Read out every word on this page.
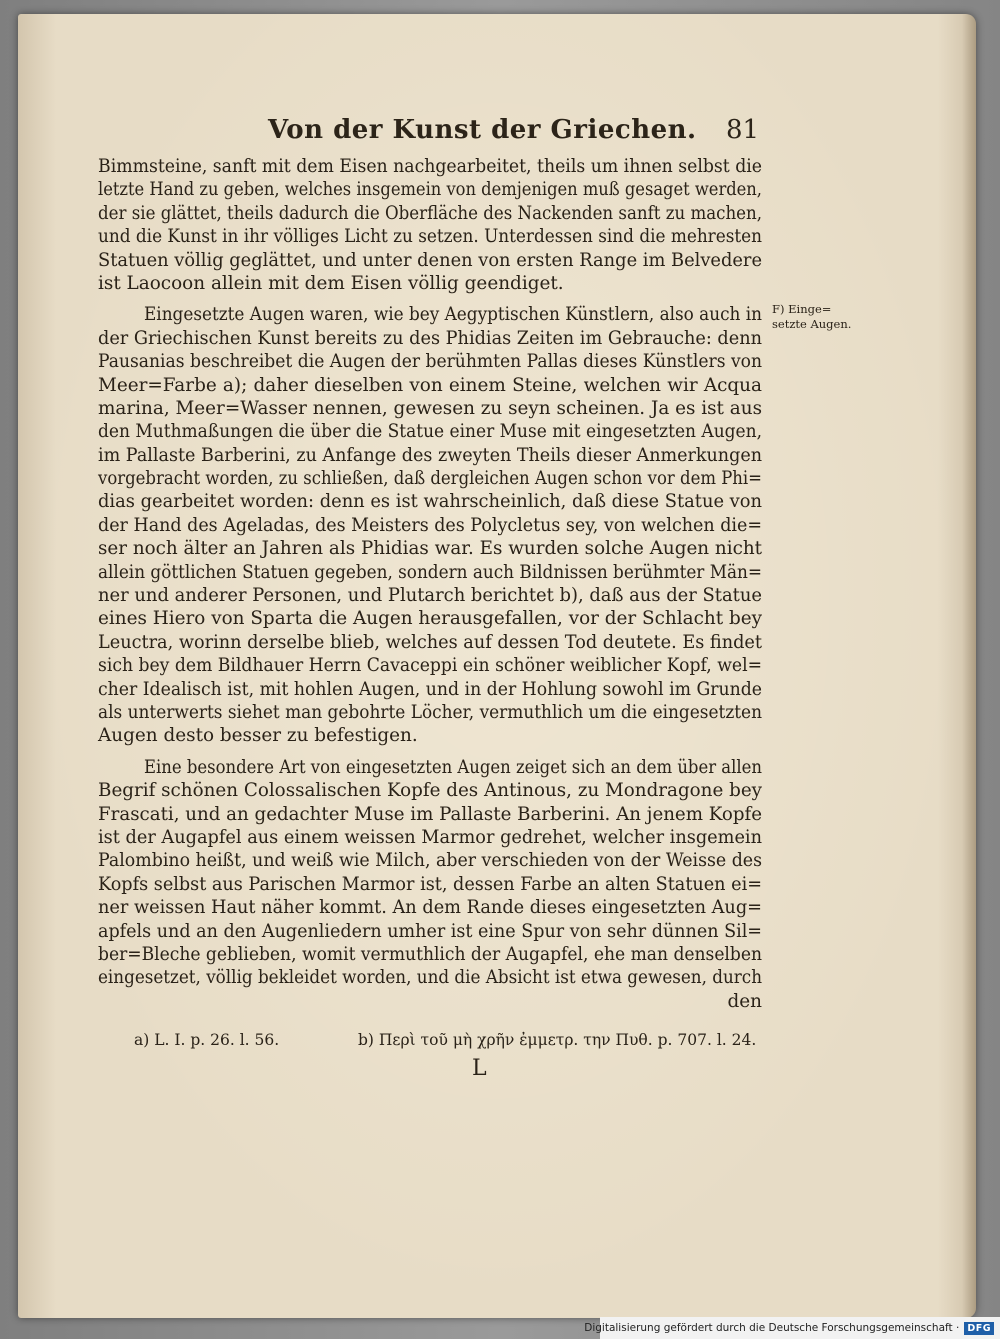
Von der Kunst der Griechen. 81
Bimmsteine, sanft mit dem Eisen nachgearbeitet, theils um ihnen selbst die
letzte Hand zu geben, welches insgemein von demjenigen muß gesaget werden,
der sie glättet, theils dadurch die Oberfläche des Nackenden sanft zu machen,
und die Kunst in ihr völliges Licht zu setzen. Unterdessen sind die mehresten
Statuen völlig geglättet, und unter denen von ersten Range im Belvedere
ist Laocoon allein mit dem Eisen völlig geendiget.
Eingesetzte Augen waren, wie bey Aegyptischen Künstlern, also auch in
der Griechischen Kunst bereits zu des Phidias Zeiten im Gebrauche: denn
Pausanias beschreibet die Augen der berühmten Pallas dieses Künstlers von
Meer=Farbe a); daher dieselben von einem Steine, welchen wir Acqua
marina, Meer=Wasser nennen, gewesen zu seyn scheinen. Ja es ist aus
den Muthmaßungen die über die Statue einer Muse mit eingesetzten Augen,
im Pallaste Barberini, zu Anfange des zweyten Theils dieser Anmerkungen
vorgebracht worden, zu schließen, daß dergleichen Augen schon vor dem Phi=
dias gearbeitet worden: denn es ist wahrscheinlich, daß diese Statue von
der Hand des Ageladas, des Meisters des Polycletus sey, von welchen die=
ser noch älter an Jahren als Phidias war. Es wurden solche Augen nicht
allein göttlichen Statuen gegeben, sondern auch Bildnissen berühmter Män=
ner und anderer Personen, und Plutarch berichtet b), daß aus der Statue
eines Hiero von Sparta die Augen herausgefallen, vor der Schlacht bey
Leuctra, worinn derselbe blieb, welches auf dessen Tod deutete. Es findet
sich bey dem Bildhauer Herrn Cavaceppi ein schöner weiblicher Kopf, wel=
cher Idealisch ist, mit hohlen Augen, und in der Hohlung sowohl im Grunde
als unterwerts siehet man gebohrte Löcher, vermuthlich um die eingesetzten
Augen desto besser zu befestigen.
Eine besondere Art von eingesetzten Augen zeiget sich an dem über allen
Begrif schönen Colossalischen Kopfe des Antinous, zu Mondragone bey
Frascati, und an gedachter Muse im Pallaste Barberini. An jenem Kopfe
ist der Augapfel aus einem weissen Marmor gedrehet, welcher insgemein
Palombino heißt, und weiß wie Milch, aber verschieden von der Weisse des
Kopfs selbst aus Parischen Marmor ist, dessen Farbe an alten Statuen ei=
ner weissen Haut näher kommt. An dem Rande dieses eingesetzten Aug=
apfels und an den Augenliedern umher ist eine Spur von sehr dünnen Sil=
ber=Bleche geblieben, womit vermuthlich der Augapfel, ehe man denselben
eingesetzet, völlig bekleidet worden, und die Absicht ist etwa gewesen, durch
den
F) Einge=
setzte Augen.
a) L. I. p. 26. l. 56.	b) Περὶ τοῦ μὴ χρῆν ἐμμετρ. την Πυθ. p. 707. l. 24.
L
Digitalisierung gefördert durch die Deutsche Forschungsgemeinschaft · DFG
